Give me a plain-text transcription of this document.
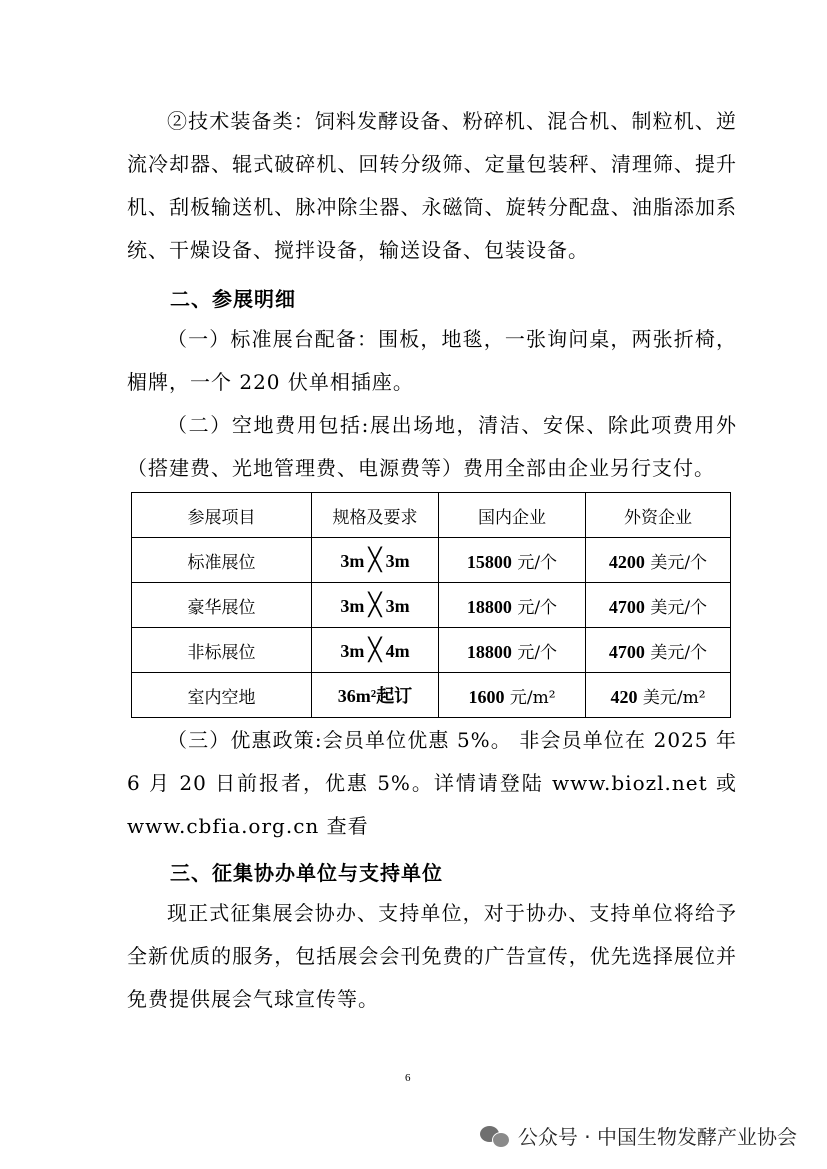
②技术装备类：饲料发酵设备、粉碎机、混合机、制粒机、逆流冷却器、辊式破碎机、回转分级筛、定量包装秤、清理筛、提升机、刮板输送机、脉冲除尘器、永磁筒、旋转分配盘、油脂添加系统、干燥设备、搅拌设备，输送设备、包装设备。
二、参展明细
（一）标准展台配备：围板，地毯，一张询问桌，两张折椅，楣牌，一个 220 伏单相插座。
（二）空地费用包括:展出场地，清洁、安保、除此项费用外（搭建费、光地管理费、电源费等）费用全部由企业另行支付。
参展项目	规格及要求	国内企业	外资企业
标准展位	3m ╳ 3m	15800 元/个	4200 美元/个
豪华展位	3m ╳ 3m	18800 元/个	4700 美元/个
非标展位	3m ╳ 4m	18800 元/个	4700 美元/个
室内空地	36m²起订	1600 元/m²	420 美元/m²
（三）优惠政策:会员单位优惠 5%。 非会员单位在 2025 年 6 月 20 日前报者，优惠 5%。详情请登陆 www.biozl.net 或 www.cbfia.org.cn 查看
三、征集协办单位与支持单位
现正式征集展会协办、支持单位，对于协办、支持单位将给予全新优质的服务，包括展会会刊免费的广告宣传，优先选择展位并免费提供展会气球宣传等。
6
公众号 · 中国生物发酵产业协会
